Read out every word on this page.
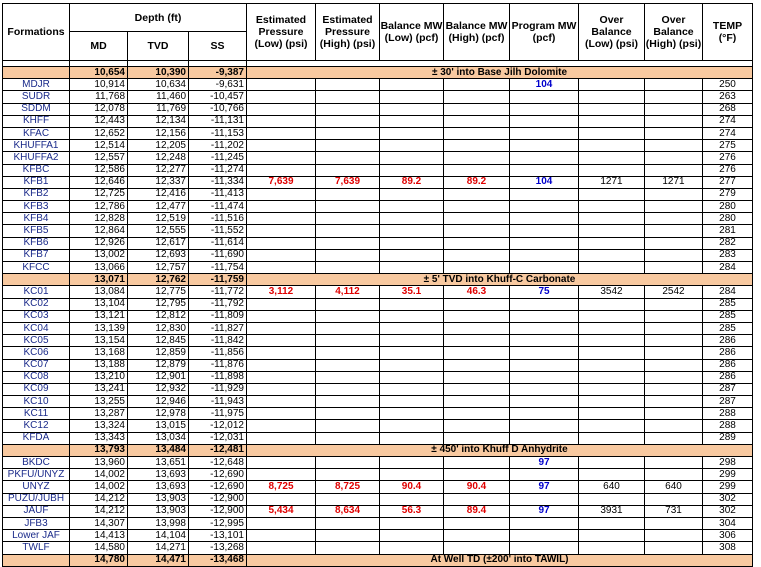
Formations	Depth (ft)			Estimated Pressure (Low) (psi)	Estimated Pressure (High) (psi)	Balance MW (Low) (pcf)	Balance MW (High) (pcf)	Program MW (pcf)	Over Balance (Low) (psi)	Over Balance (High) (psi)	TEMP (°F)
	MD	TVD	SS								

	10,654	10,390	-9,387	± 30' into Base Jilh Dolomite							
MDJR	10,914	10,634	-9,631					104			250
SUDR	11,768	11,460	-10,457								263
SDDM	12,078	11,769	-10,766								268
KHFF	12,443	12,134	-11,131								274
KFAC	12,652	12,156	-11,153								274
KHUFFA1	12,514	12,205	-11,202								275
KHUFFA2	12,557	12,248	-11,245								276
KFBC	12,586	12,277	-11,274								276
KFB1	12,646	12,337	-11,334	7,639	7,639	89.2	89.2	104	1271	1271	277
KFB2	12,725	12,416	-11,413								279
KFB3	12,786	12,477	-11,474								280
KFB4	12,828	12,519	-11,516								280
KFB5	12,864	12,555	-11,552								281
KFB6	12,926	12,617	-11,614								282
KFB7	13,002	12,693	-11,690								283
KFCC	13,066	12,757	-11,754								284
	13,071	12,762	-11,759	± 5' TVD into Khuff-C Carbonate							
KC01	13,084	12,775	-11,772	3,112	4,112	35.1	46.3	75	3542	2542	284
KC02	13,104	12,795	-11,792								285
KC03	13,121	12,812	-11,809								285
KC04	13,139	12,830	-11,827								285
KC05	13,154	12,845	-11,842								286
KC06	13,168	12,859	-11,856								286
KC07	13,188	12,879	-11,876								286
KC08	13,210	12,901	-11,898								286
KC09	13,241	12,932	-11,929								287
KC10	13,255	12,946	-11,943								287
KC11	13,287	12,978	-11,975								288
KC12	13,324	13,015	-12,012								288
KFDA	13,343	13,034	-12,031								289
	13,793	13,484	-12,481	± 450' into Khuff D Anhydrite							
BKDC	13,960	13,651	-12,648					97			298
PKFU/UNYZ	14,002	13,693	-12,690								299
UNYZ	14,002	13,693	-12,690	8,725	8,725	90.4	90.4	97	640	640	299
PUZU/JUBH	14,212	13,903	-12,900								302
JAUF	14,212	13,903	-12,900	5,434	8,634	56.3	89.4	97	3931	731	302
JFB3	14,307	13,998	-12,995								304
Lower JAF	14,413	14,104	-13,101								306
TWLF	14,580	14,271	-13,268								308
	14,780	14,471	-13,468	At Well TD (±200' into TAWIL)							
